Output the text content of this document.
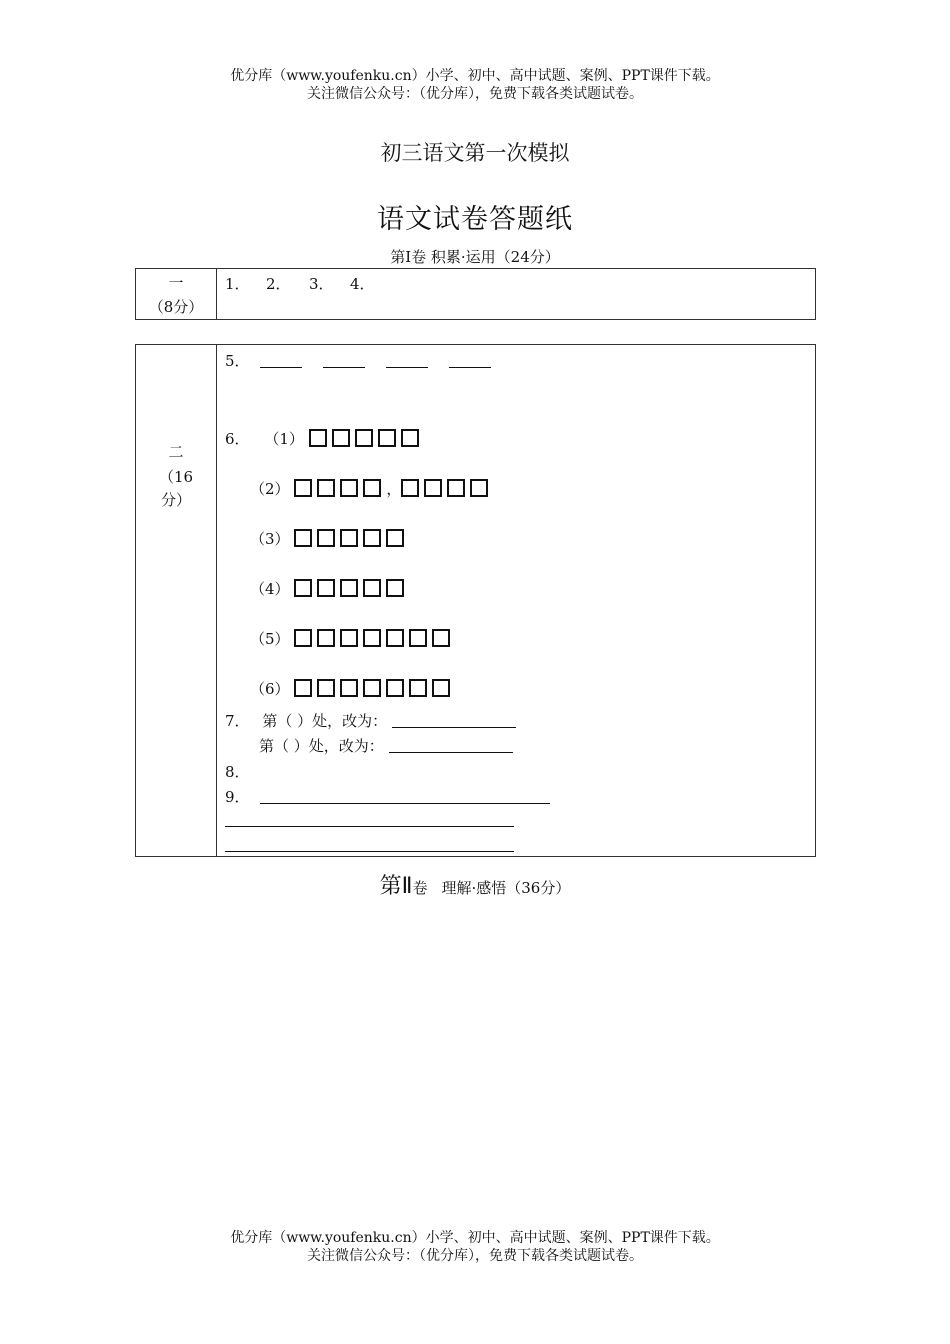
优分库（www.youfenku.cn）小学、初中、高中试题、案例、PPT课件下载。
关注微信公众号：（优分库），免费下载各类试题试卷。
初三语文第一次模拟
语文试卷答题纸
第Ⅰ卷 积累·运用（24分）
一
（8分）
1． 2． 3． 4．
二
（16
分）
5．
6． （1）
（2）	，
（3）
（4）
（5）
（6）
7． 第（ ）处，改为：
第（ ）处，改为：
8．
9．
第Ⅱ卷 理解·感悟（36分）
优分库（www.youfenku.cn）小学、初中、高中试题、案例、PPT课件下载。
关注微信公众号：（优分库），免费下载各类试题试卷。
